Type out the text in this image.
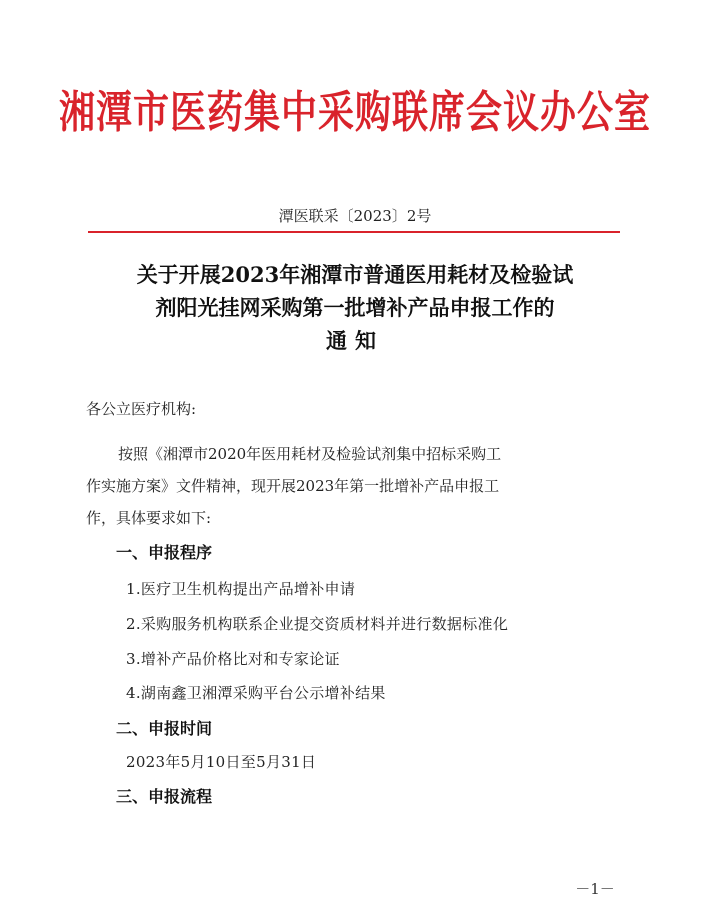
湘潭市医药集中采购联席会议办公室
潭医联采〔2023〕2号
关于开展2023年湘潭市普通医用耗材及检验试
剂阳光挂网采购第一批增补产品申报工作的
通知
各公立医疗机构:
按照《湘潭市2020年医用耗材及检验试剂集中招标采购工
作实施方案》文件精神，现开展2023年第一批增补产品申报工
作，具体要求如下:
一、申报程序
1.医疗卫生机构提出产品增补申请
2.采购服务机构联系企业提交资质材料并进行数据标准化
3.增补产品价格比对和专家论证
4.湖南鑫卫湘潭采购平台公示增补结果
二、申报时间
2023年5月10日至5月31日
三、申报流程
－1－
